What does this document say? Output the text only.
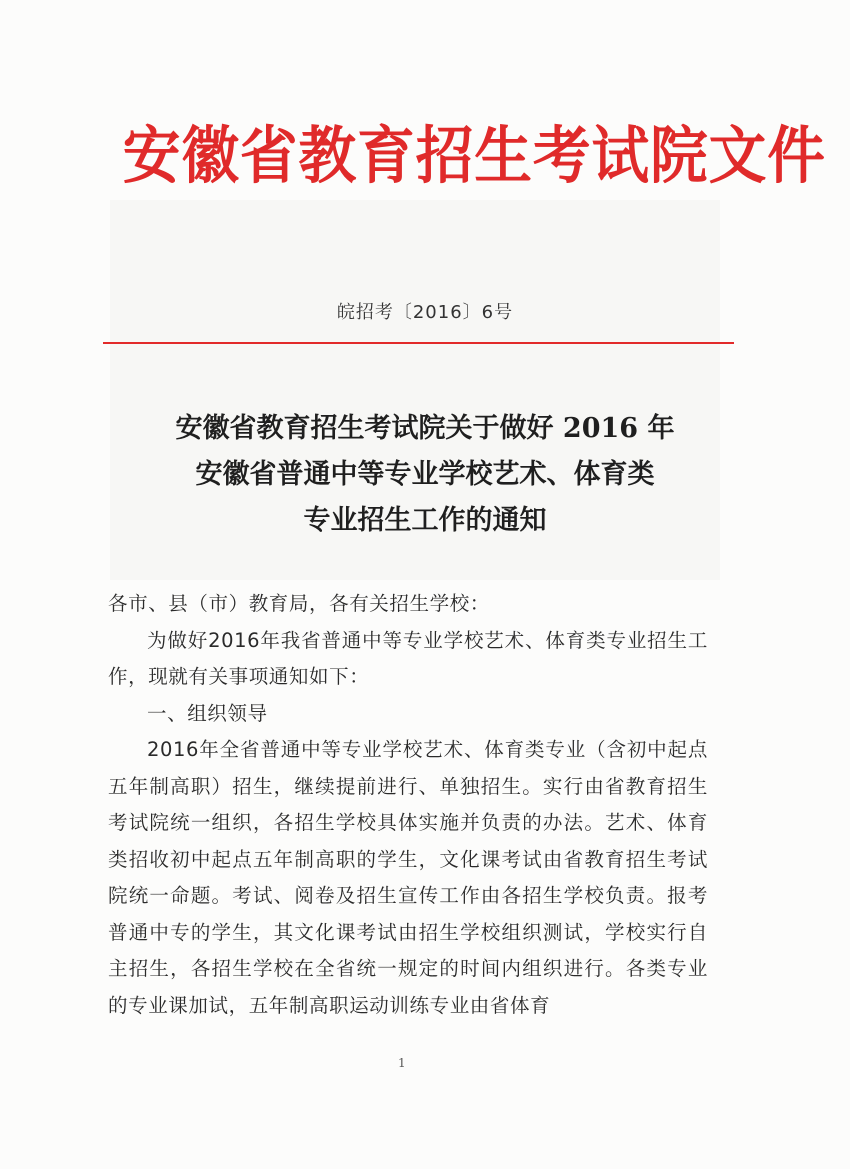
安徽省教育招生考试院文件
皖招考〔2016〕6号
安徽省教育招生考试院关于做好 2016 年
安徽省普通中等专业学校艺术、体育类
专业招生工作的通知

各市、县（市）教育局，各有关招生学校：

为做好2016年我省普通中等专业学校艺术、体育类专业招生工作，现就有关事项通知如下：

一、组织领导

2016年全省普通中等专业学校艺术、体育类专业（含初中起点五年制高职）招生，继续提前进行、单独招生。实行由省教育招生考试院统一组织，各招生学校具体实施并负责的办法。艺术、体育类招收初中起点五年制高职的学生，文化课考试由省教育招生考试院统一命题。考试、阅卷及招生宣传工作由各招生学校负责。报考普通中专的学生，其文化课考试由招生学校组织测试，学校实行自主招生，各招生学校在全省统一规定的时间内组织进行。各类专业的专业课加试，五年制高职运动训练专业由省体育

1
